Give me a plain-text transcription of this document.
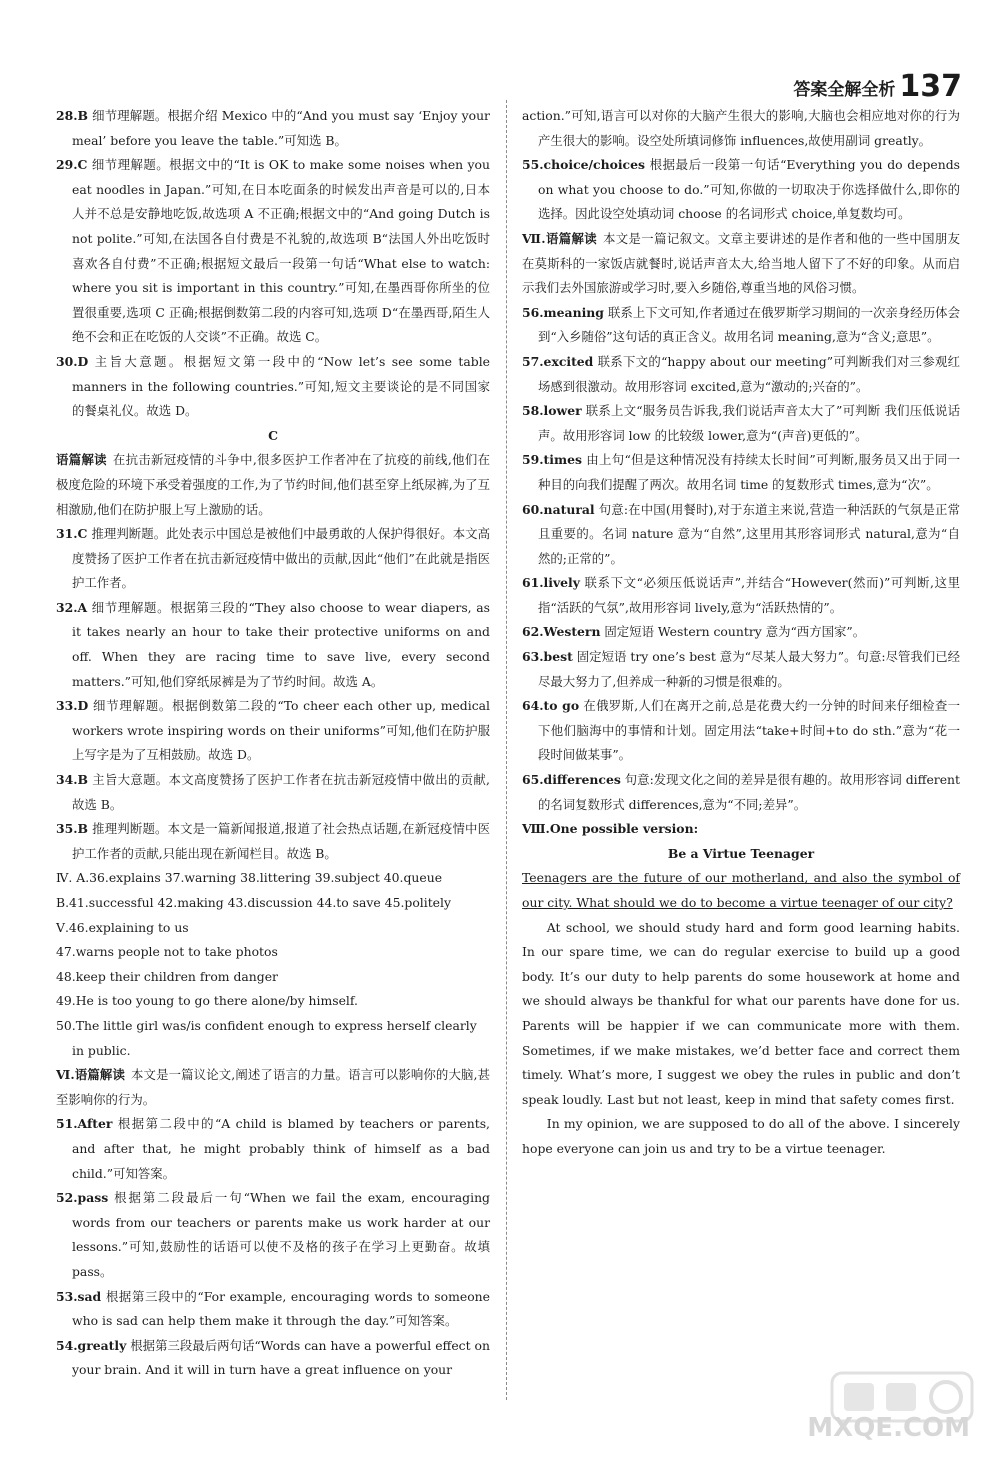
答案全解全析 137
28.B 细节理解题。根据介绍 Mexico 中的“And you must say ‘Enjoy your meal’ before you leave the table.”可知选 B。
29.C 细节理解题。根据文中的“It is OK to make some noises when you eat noodles in Japan.”可知,在日本吃面条的时候发出声音是可以的,日本人并不总是安静地吃饭,故选项 A 不正确;根据文中的“And going Dutch is not polite.”可知,在法国各自付费是不礼貌的,故选项 B“法国人外出吃饭时喜欢各自付费”不正确;根据短文最后一段第一句话“What else to watch: where you sit is important in this country.”可知,在墨西哥你所坐的位置很重要,选项 C 正确;根据倒数第二段的内容可知,选项 D“在墨西哥,陌生人绝不会和正在吃饭的人交谈”不正确。故选 C。
30.D 主旨大意题。根据短文第一段中的“Now let’s see some table manners in the following countries.”可知,短文主要谈论的是不同国家的餐桌礼仪。故选 D。
C
语篇解读 在抗击新冠疫情的斗争中,很多医护工作者冲在了抗疫的前线,他们在极度危险的环境下承受着强度的工作,为了节约时间,他们甚至穿上纸尿裤,为了互相激励,他们在防护服上写上激励的话。
31.C 推理判断题。此处表示中国总是被他们中最勇敢的人保护得很好。本文高度赞扬了医护工作者在抗击新冠疫情中做出的贡献,因此“他们”在此就是指医护工作者。
32.A 细节理解题。根据第三段的“They also choose to wear diapers, as it takes nearly an hour to take their protective uniforms on and off. When they are racing time to save live, every second matters.”可知,他们穿纸尿裤是为了节约时间。故选 A。
33.D 细节理解题。根据倒数第二段的“To cheer each other up, medical workers wrote inspiring words on their uniforms”可知,他们在防护服上写字是为了互相鼓励。故选 D。
34.B 主旨大意题。本文高度赞扬了医护工作者在抗击新冠疫情中做出的贡献,故选 B。
35.B 推理判断题。本文是一篇新闻报道,报道了社会热点话题,在新冠疫情中医护工作者的贡献,只能出现在新闻栏目。故选 B。
Ⅳ. A.36.explains 37.warning 38.littering 39.subject 40.queue
B.41.successful 42.making 43.discussion 44.to save 45.politely
Ⅴ.46.explaining to us
47.warns people not to take photos
48.keep their children from danger
49.He is too young to go there alone/by himself.
50.The little girl was/is confident enough to express herself clearly in public.
Ⅵ.语篇解读 本文是一篇议论文,阐述了语言的力量。语言可以影响你的大脑,甚至影响你的行为。
51.After 根据第二段中的“A child is blamed by teachers or parents, and after that, he might probably think of himself as a bad child.”可知答案。
52.pass 根据第二段最后一句“When we fail the exam, encouraging words from our teachers or parents make us work harder at our lessons.”可知,鼓励性的话语可以使不及格的孩子在学习上更勤奋。故填 pass。
53.sad 根据第三段中的“For example, encouraging words to someone who is sad can help them make it through the day.”可知答案。
54.greatly 根据第三段最后两句话“Words can have a powerful effect on your brain. And it will in turn have a great influence on your
action.”可知,语言可以对你的大脑产生很大的影响,大脑也会相应地对你的行为产生很大的影响。设空处所填词修饰 influences,故使用副词 greatly。
55.choice/choices 根据最后一段第一句话“Everything you do depends on what you choose to do.”可知,你做的一切取决于你选择做什么,即你的选择。因此设空处填动词 choose 的名词形式 choice,单复数均可。
Ⅶ.语篇解读 本文是一篇记叙文。文章主要讲述的是作者和他的一些中国朋友在莫斯科的一家饭店就餐时,说话声音太大,给当地人留下了不好的印象。从而启示我们去外国旅游或学习时,要入乡随俗,尊重当地的风俗习惯。
56.meaning 联系上下文可知,作者通过在俄罗斯学习期间的一次亲身经历体会到“入乡随俗”这句话的真正含义。故用名词 meaning,意为“含义;意思”。
57.excited 联系下文的“happy about our meeting”可判断我们对三参观红场感到很激动。故用形容词 excited,意为“激动的;兴奋的”。
58.lower 联系上文“服务员告诉我,我们说话声音太大了”可判断 我们压低说话声。故用形容词 low 的比较级 lower,意为“(声音)更低的”。
59.times 由上句“但是这种情况没有持续太长时间”可判断,服务员又出于同一种目的向我们提醒了两次。故用名词 time 的复数形式 times,意为“次”。
60.natural 句意:在中国(用餐时),对于东道主来说,营造一种活跃的气氛是正常且重要的。名词 nature 意为“自然”,这里用其形容词形式 natural,意为“自然的;正常的”。
61.lively 联系下文“必须压低说话声”,并结合“However(然而)”可判断,这里指“活跃的气氛”,故用形容词 lively,意为“活跃热情的”。
62.Western 固定短语 Western country 意为“西方国家”。
63.best 固定短语 try one’s best 意为“尽某人最大努力”。句意:尽管我们已经尽最大努力了,但养成一种新的习惯是很难的。
64.to go 在俄罗斯,人们在离开之前,总是花费大约一分钟的时间来仔细检查一下他们脑海中的事情和计划。固定用法“take+时间+to do sth.”意为“花一段时间做某事”。
65.differences 句意:发现文化之间的差异是很有趣的。故用形容词 different 的名词复数形式 differences,意为“不同;差异”。
Ⅷ.One possible version:
Be a Virtue Teenager
Teenagers are the future of our motherland, and also the symbol of our city. What should we do to become a virtue teenager of our city?
At school, we should study hard and form good learning habits. In our spare time, we can do regular exercise to build up a good body. It’s our duty to help parents do some housework at home and we should always be thankful for what our parents have done for us. Parents will be happier if we can communicate more with them. Sometimes, if we make mistakes, we’d better face and correct them timely. What’s more, I suggest we obey the rules in public and don’t speak loudly. Last but not least, keep in mind that safety comes first.
In my opinion, we are supposed to do all of the above. I sincerely hope everyone can join us and try to be a virtue teenager.
MXQE.COM
